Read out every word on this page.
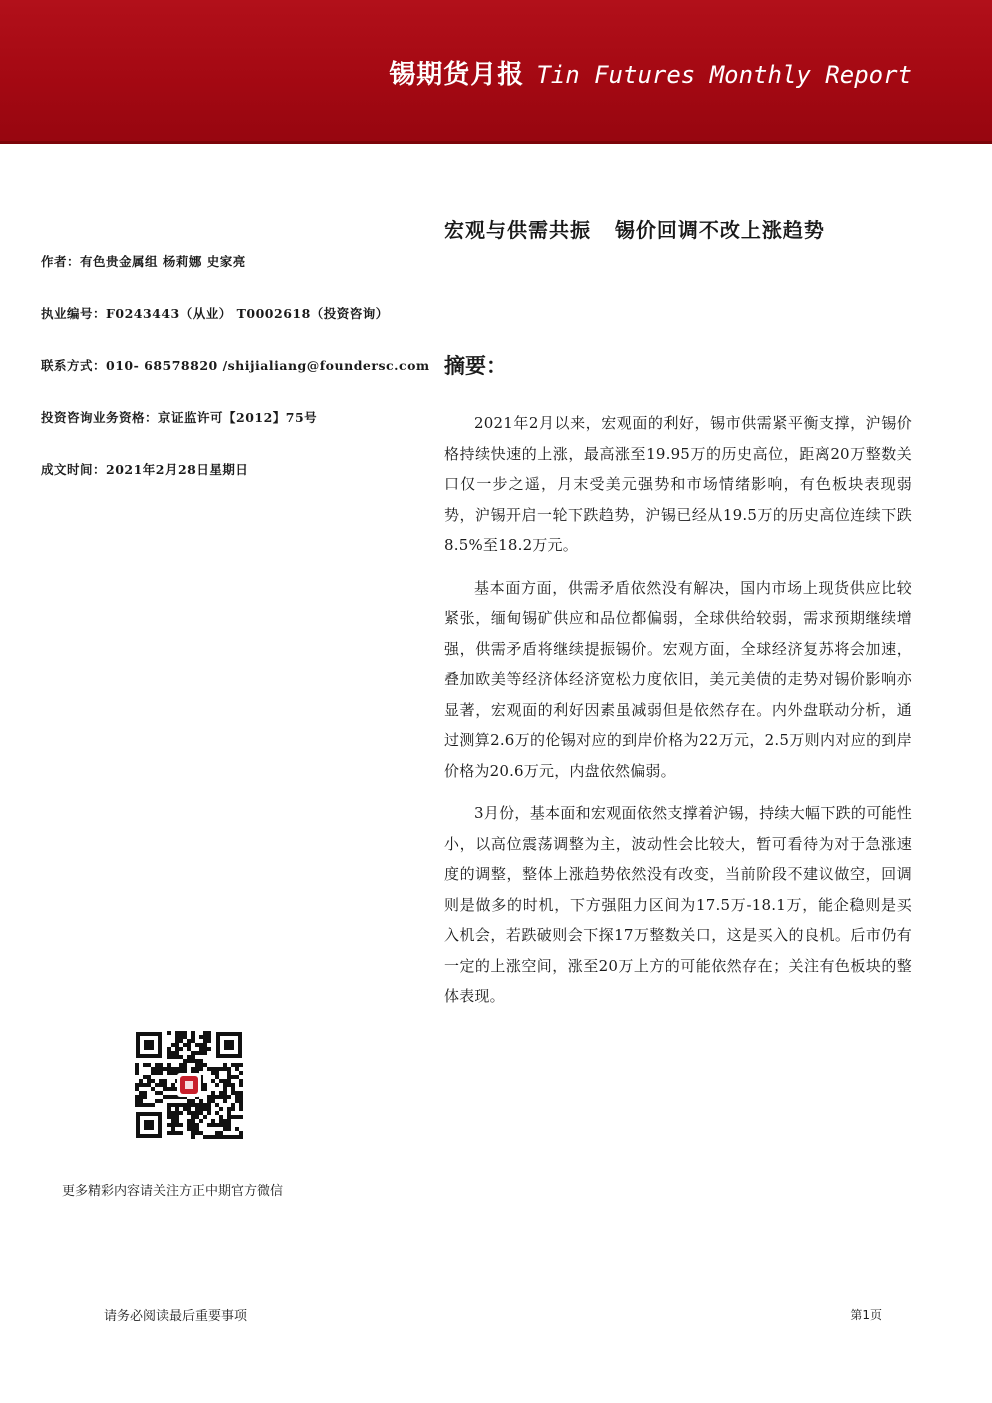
锡期货月报 Tin Futures Monthly Report
宏观与供需共振   锡价回调不改上涨趋势
作者：有色贵金属组 杨莉娜 史家亮
执业编号：F0243443（从业） T0002618（投资咨询）
联系方式：010- 68578820 /shijialiang@foundersc.com
投资咨询业务资格：京证监许可【2012】75号
成文时间：2021年2月28日星期日
摘要：

2021年2月以来，宏观面的利好，锡市供需紧平衡支撑，沪锡价格持续快速的上涨，最高涨至19.95万的历史高位，距离20万整数关口仅一步之遥，月末受美元强势和市场情绪影响，有色板块表现弱势，沪锡开启一轮下跌趋势，沪锡已经从19.5万的历史高位连续下跌8.5%至18.2万元。

基本面方面，供需矛盾依然没有解决，国内市场上现货供应比较紧张，缅甸锡矿供应和品位都偏弱，全球供给较弱，需求预期继续增强，供需矛盾将继续提振锡价。宏观方面，全球经济复苏将会加速，叠加欧美等经济体经济宽松力度依旧，美元美债的走势对锡价影响亦显著，宏观面的利好因素虽减弱但是依然存在。内外盘联动分析，通过测算2.6万的伦锡对应的到岸价格为22万元，2.5万则内对应的到岸价格为20.6万元，内盘依然偏弱。

3月份，基本面和宏观面依然支撑着沪锡，持续大幅下跌的可能性小，以高位震荡调整为主，波动性会比较大，暂可看待为对于急涨速度的调整，整体上涨趋势依然没有改变，当前阶段不建议做空，回调则是做多的时机，下方强阻力区间为17.5万-18.1万，能企稳则是买入机会，若跌破则会下探17万整数关口，这是买入的良机。后市仍有一定的上涨空间，涨至20万上方的可能依然存在；关注有色板块的整体表现。

更多精彩内容请关注方正中期官方微信
请务必阅读最后重要事项	第1页
